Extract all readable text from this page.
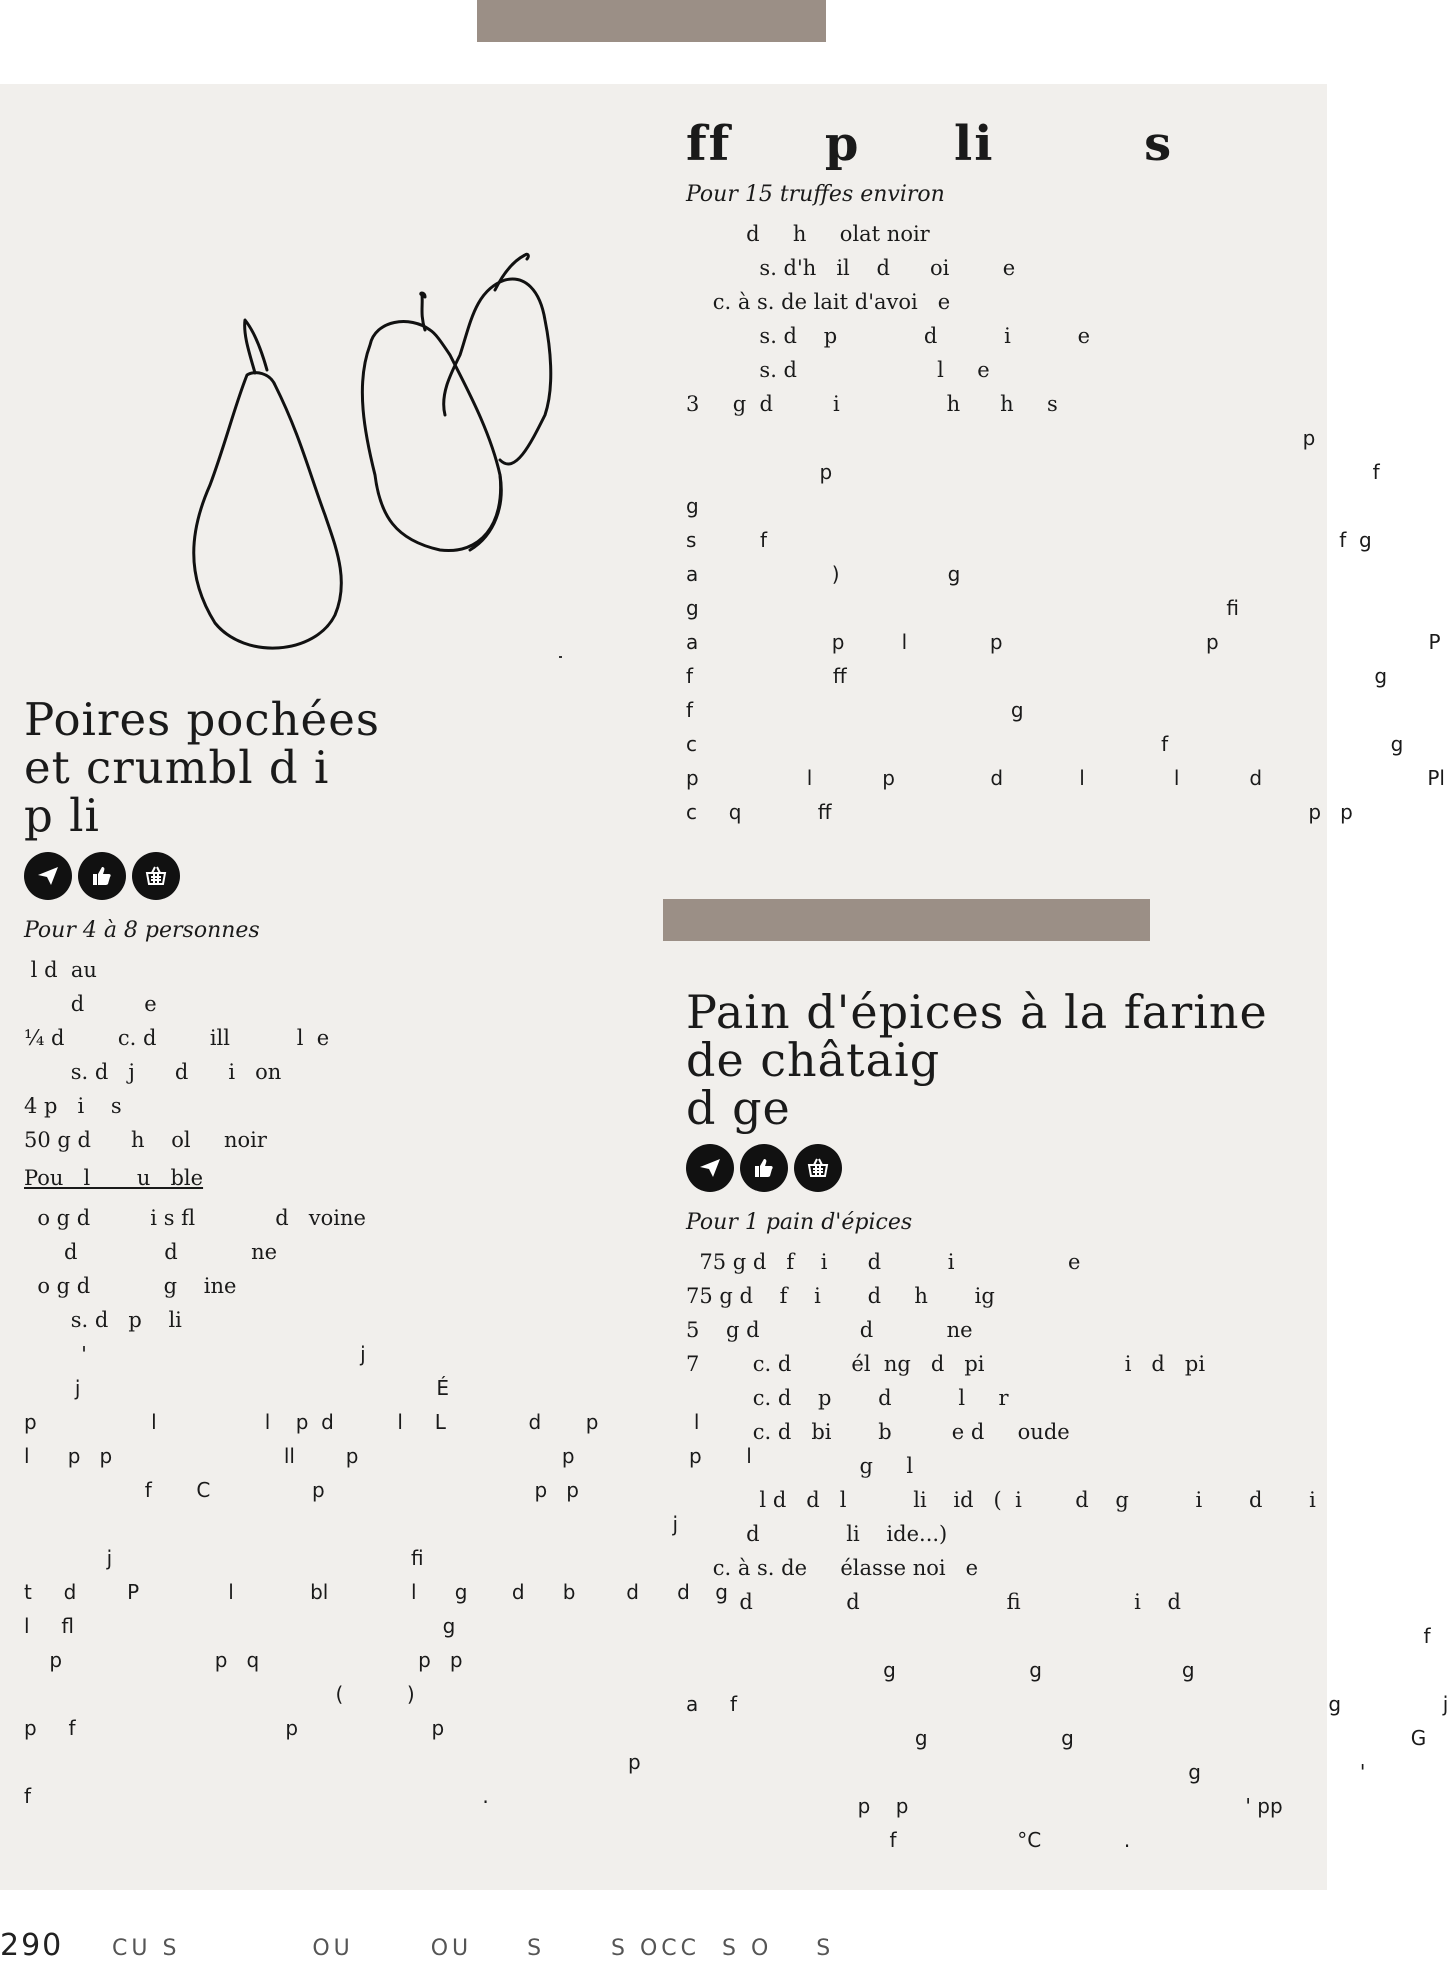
Poires pochées
et crumbl d i
p li

Pour 4 à 8 personnes

l d  au

d         e

¼ d        c. d        ill          l  e

s. d   j      d      i   on

4 p   i    s

50 g d      h    ol     noir

Pou   l       u   ble

o g d         i s fl            d   voine

d             d           ne

o g d           g    ine

s. d   p    li

'                                           j

j                                                        É

p                  l                 l    p  d          l     L             d       p               l

l      p   p                           ll        p                                p                  p       l

f       C                p                                 p   p

j

j                                               fi

t     d        P              l            bl             l      g       d      b        d      d    g

l     fl                                                          g

p                        p   q                         p   p

(          )

p     f                                 p                     p

p

f                                                                       .

ff     p     li        s

Pour 15 truffes environ

d     h     olat noir

s. d'h   il    d      oi        e

c. à s. de lait d'avoi   e

s. d    p             d          i          e

s. d                     l     e

3     g  d         i                h      h     s

p

p                                                                                     f

g

s          f                                                                                          f  g

a                     )                 g

g                                                                                   fi

a                     p         l             p                                p                                 P

f                      ff                                                                                   g

f                                                  g

c                                                                         f                                   g

p                 l           p               d            l              l           d                          Pl

c     q            ff                                                                           p   p

Pain d'épices à la farine
de châtaig
d ge

Pour 1 pain d'épices

75 g d   f    i      d          i                 e

75 g d    f    i       d     h       ig

5    g d               d           ne

7        c. d         él  ng   d   pi                     i   d   pi

c. d    p       d          l     r

c. d   bi       b         e d     oude

g     l

l d   d   l          li    id   (  i        d    g          i       d       i

d             li    ide...)

c. à s. de     élasse noi   e

d              d                      fi                 i    d

f

g                     g                      g

a     f                                                                                             g                j

g                     g                                                     G

g                         '

p    p                                                     ' pp

f                   °C             .

290 CU S            OU       OU     S      S OCC  S O    S
